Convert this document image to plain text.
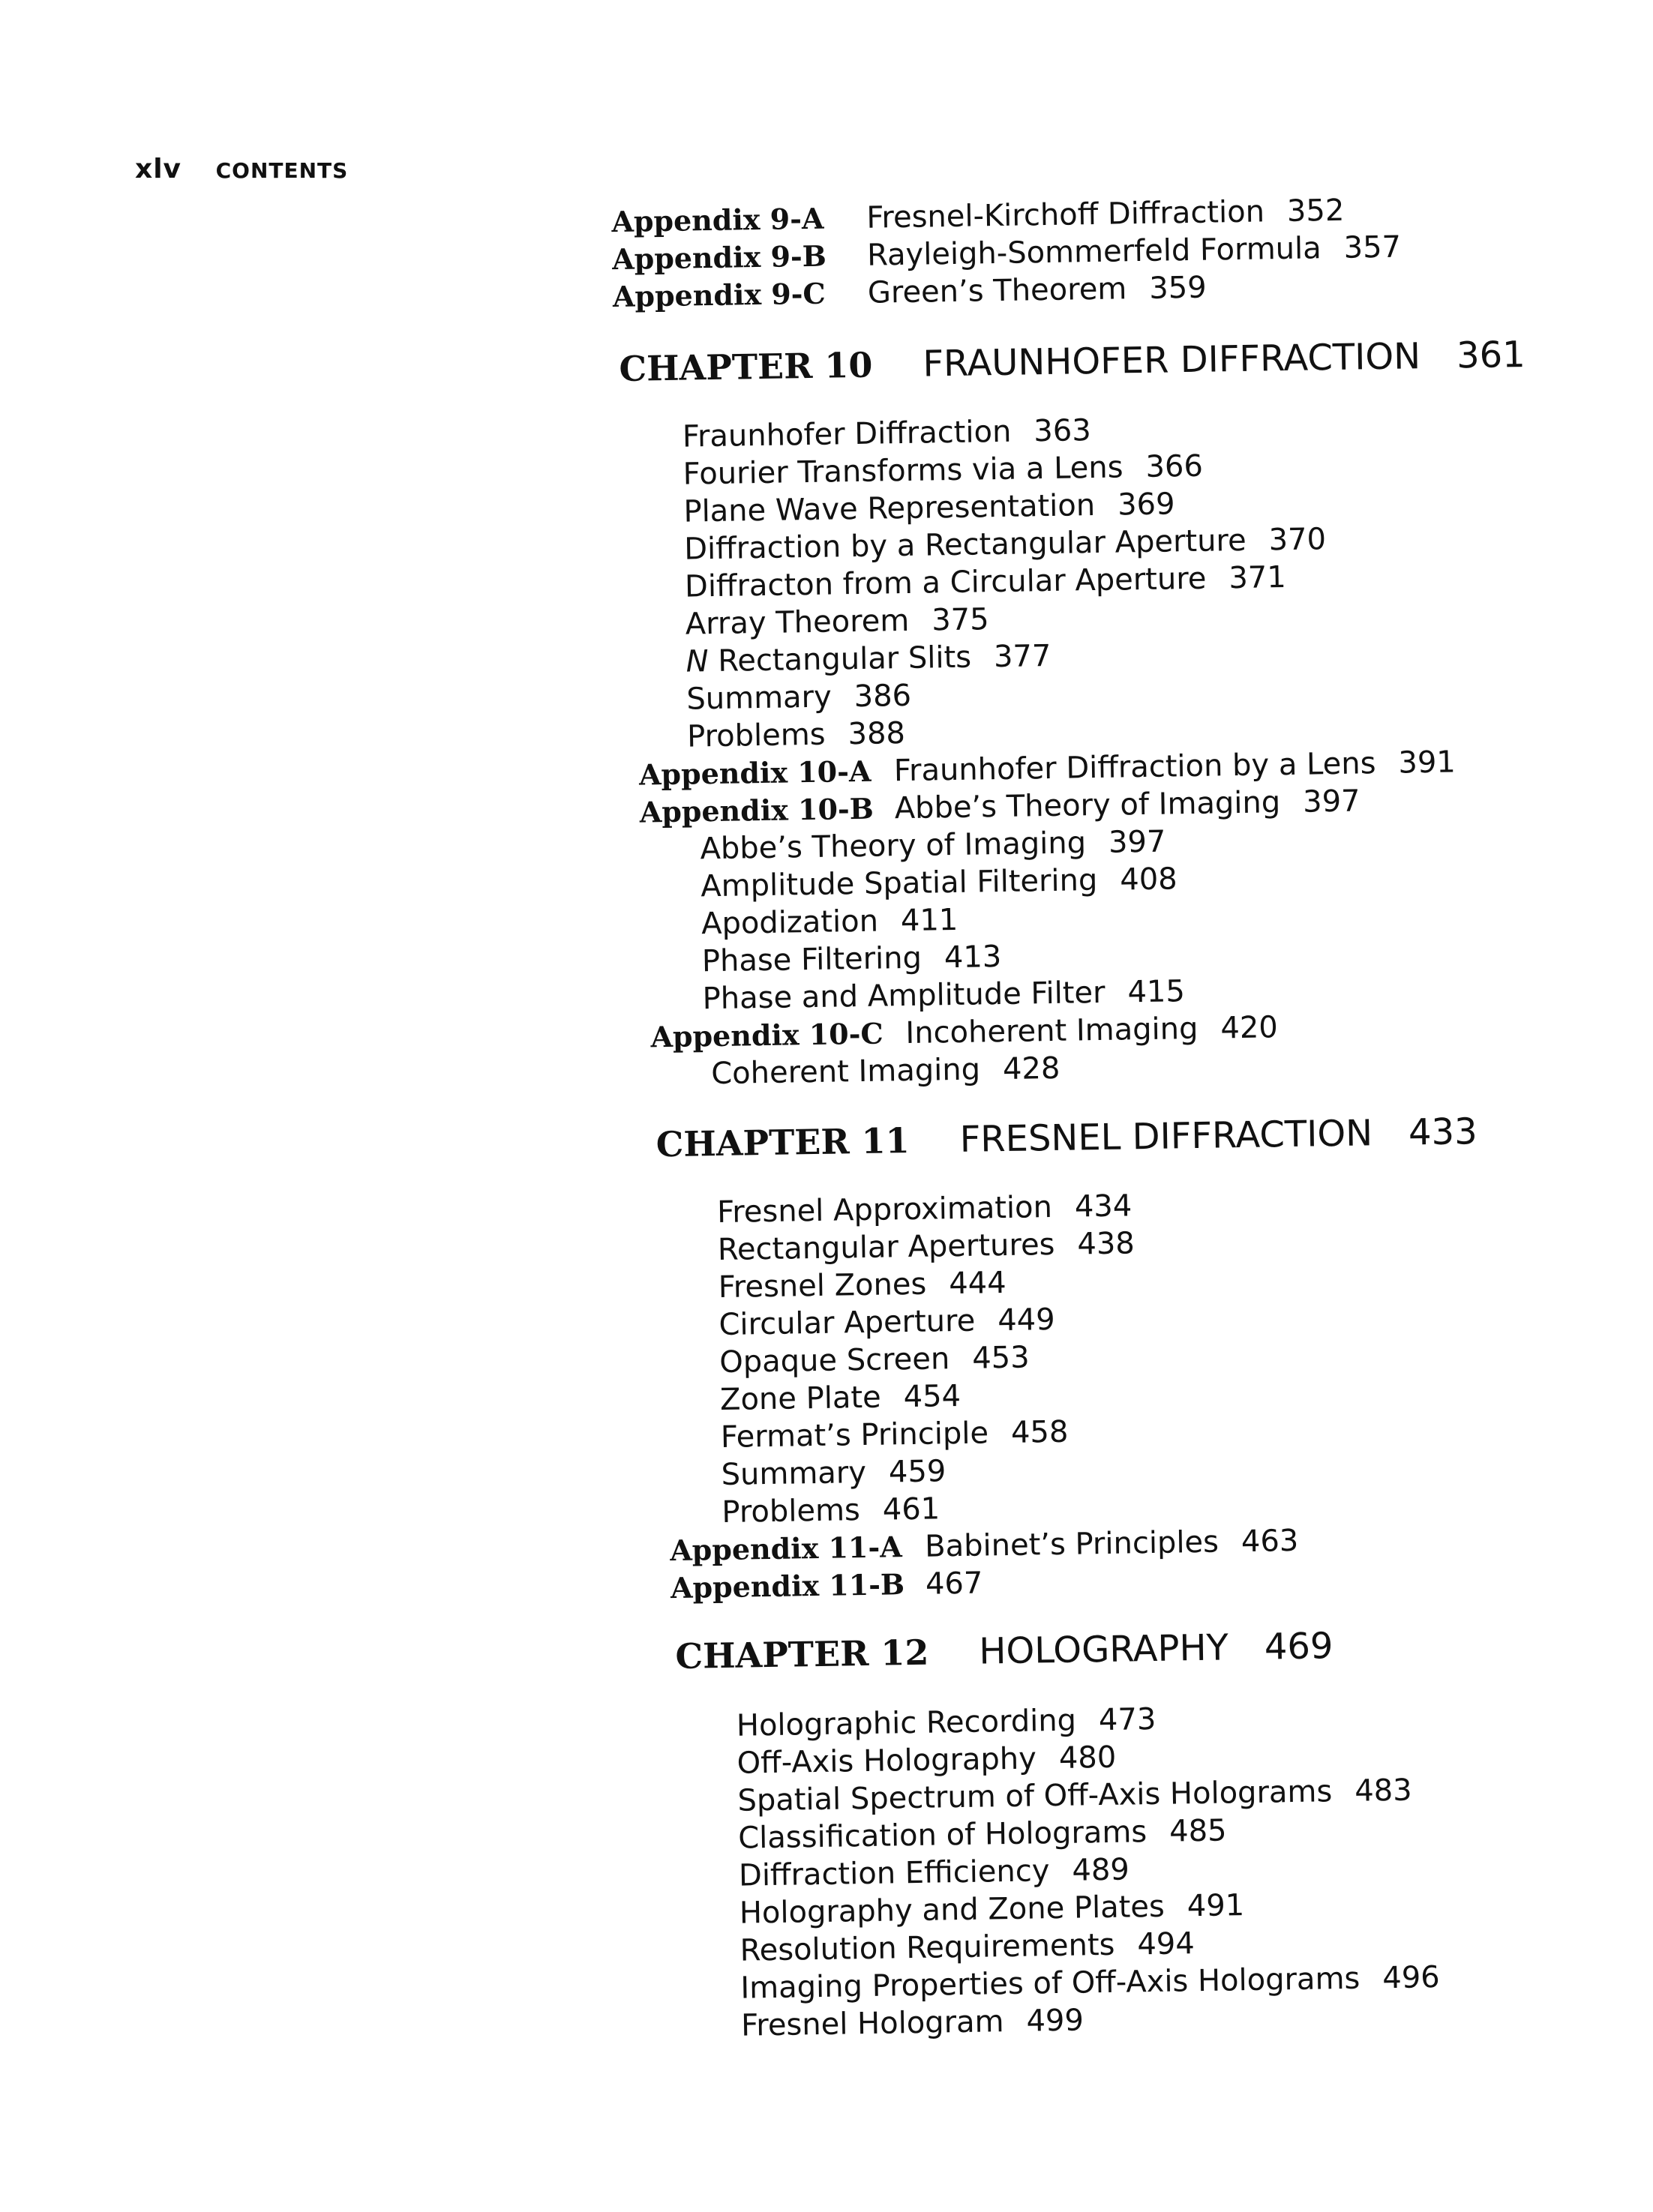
xlv CONTENTS
Appendix 9-A Fresnel-Kirchoff Diffraction 352
Appendix 9-B Rayleigh-Sommerfeld Formula 357
Appendix 9-C Green’s Theorem 359
CHAPTER 10 FRAUNHOFER DIFFRACTION 361
Fraunhofer Diffraction 363
Fourier Transforms via a Lens 366
Plane Wave Representation 369
Diffraction by a Rectangular Aperture 370
Diffracton from a Circular Aperture 371
Array Theorem 375
N Rectangular Slits 377
Summary 386
Problems 388
Appendix 10-A Fraunhofer Diffraction by a Lens 391
Appendix 10-B Abbe’s Theory of Imaging 397
Abbe’s Theory of Imaging 397
Amplitude Spatial Filtering 408
Apodization 411
Phase Filtering 413
Phase and Amplitude Filter 415
Appendix 10-C Incoherent Imaging 420
Coherent Imaging 428
CHAPTER 11 FRESNEL DIFFRACTION 433
Fresnel Approximation 434
Rectangular Apertures 438
Fresnel Zones 444
Circular Aperture 449
Opaque Screen 453
Zone Plate 454
Fermat’s Principle 458
Summary 459
Problems 461
Appendix 11-A Babinet’s Principles 463
Appendix 11-B 467
CHAPTER 12 HOLOGRAPHY 469
Holographic Recording 473
Off-Axis Holography 480
Spatial Spectrum of Off-Axis Holograms 483
Classification of Holograms 485
Diffraction Efficiency 489
Holography and Zone Plates 491
Resolution Requirements 494
Imaging Properties of Off-Axis Holograms 496
Fresnel Hologram 499
